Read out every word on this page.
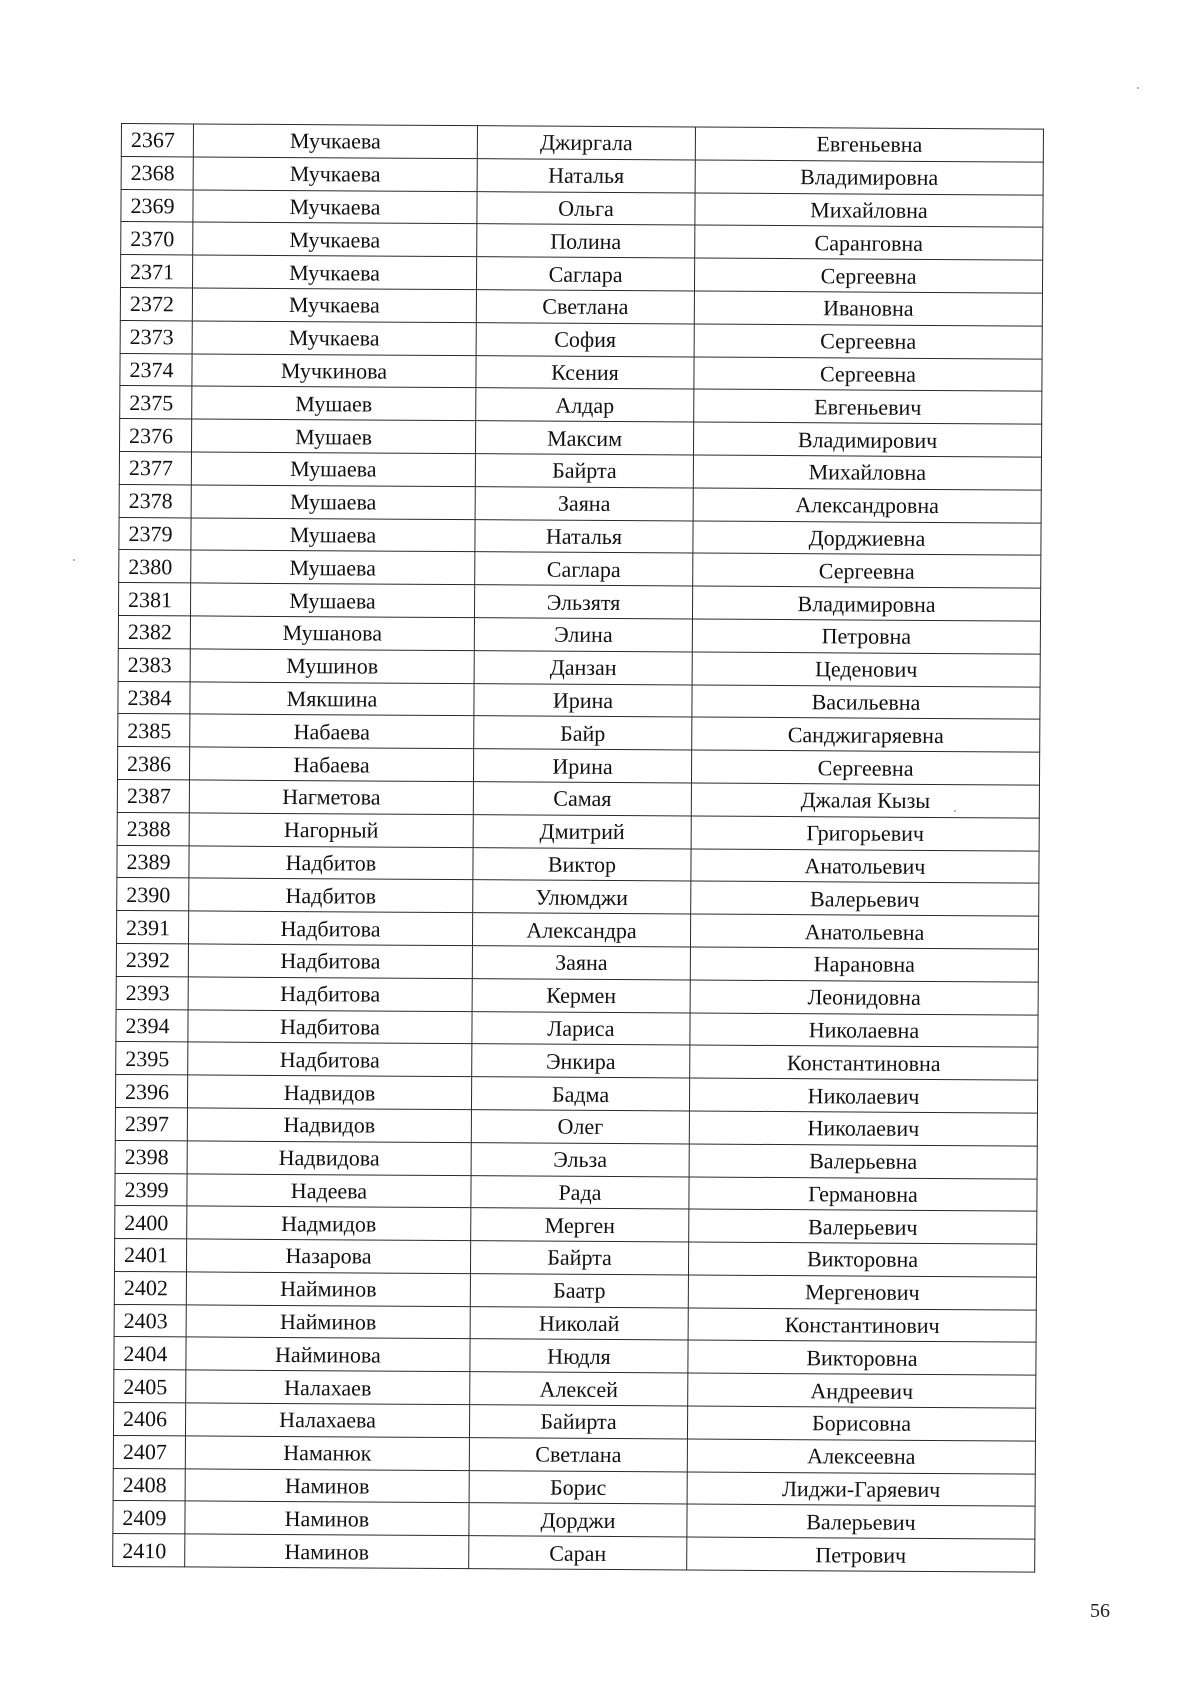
2367	Мучкаева	Джиргала	Евгеньевна
2368	Мучкаева	Наталья	Владимировна
2369	Мучкаева	Ольга	Михайловна
2370	Мучкаева	Полина	Саранговна
2371	Мучкаева	Саглара	Сергеевна
2372	Мучкаева	Светлана	Ивановна
2373	Мучкаева	София	Сергеевна
2374	Мучкинова	Ксения	Сергеевна
2375	Мушаев	Алдар	Евгеньевич
2376	Мушаев	Максим	Владимирович
2377	Мушаева	Байрта	Михайловна
2378	Мушаева	Заяна	Александровна
2379	Мушаева	Наталья	Дорджиевна
2380	Мушаева	Саглара	Сергеевна
2381	Мушаева	Эльзятя	Владимировна
2382	Мушанова	Элина	Петровна
2383	Мушинов	Данзан	Цеденович
2384	Мякшина	Ирина	Васильевна
2385	Набаева	Байр	Санджигаряевна
2386	Набаева	Ирина	Сергеевна
2387	Нагметова	Самая	Джалая Кызы
2388	Нагорный	Дмитрий	Григорьевич
2389	Надбитов	Виктор	Анатольевич
2390	Надбитов	Улюмджи	Валерьевич
2391	Надбитова	Александра	Анатольевна
2392	Надбитова	Заяна	Нарановна
2393	Надбитова	Кермен	Леонидовна
2394	Надбитова	Лариса	Николаевна
2395	Надбитова	Энкира	Константиновна
2396	Надвидов	Бадма	Николаевич
2397	Надвидов	Олег	Николаевич
2398	Надвидова	Эльза	Валерьевна
2399	Надеева	Рада	Германовна
2400	Надмидов	Мерген	Валерьевич
2401	Назарова	Байрта	Викторовна
2402	Найминов	Баатр	Мергенович
2403	Найминов	Николай	Константинович
2404	Найминова	Нюдля	Викторовна
2405	Налахаев	Алексей	Андреевич
2406	Налахаева	Байирта	Борисовна
2407	Наманюк	Светлана	Алексеевна
2408	Наминов	Борис	Лиджи-Гаряевич
2409	Наминов	Дорджи	Валерьевич
2410	Наминов	Саран	Петрович
56
